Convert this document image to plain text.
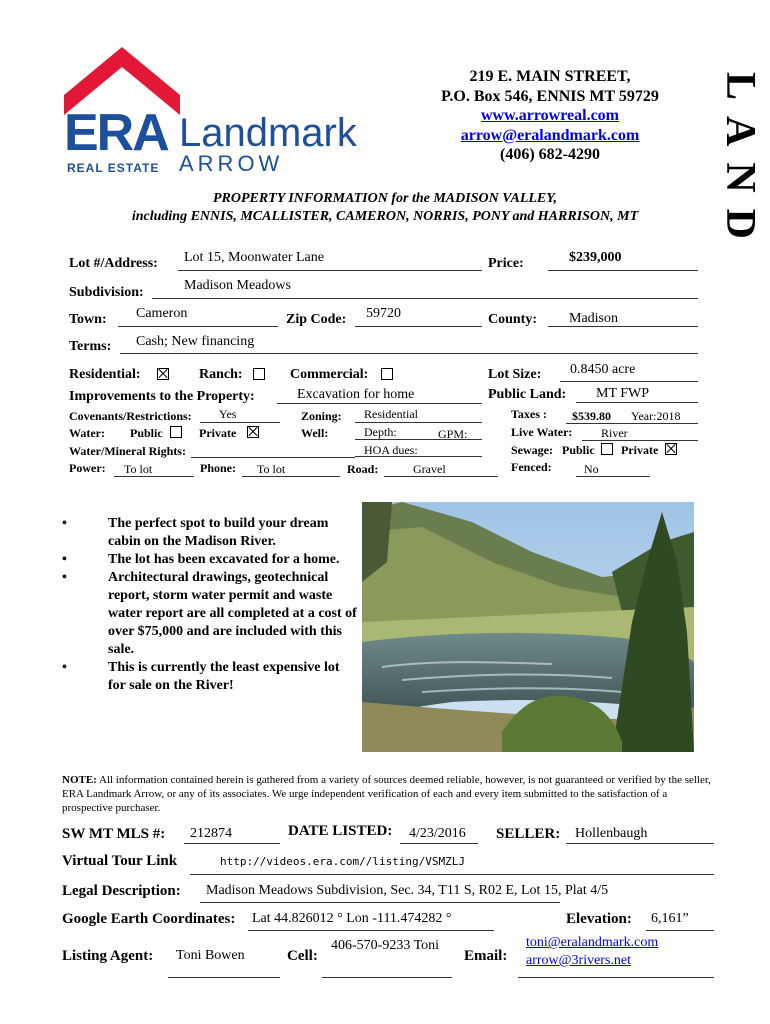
ERA Landmark
REAL ESTATE ARROW	LAND
219 E. MAIN STREET,
P.O. Box 546, ENNIS MT 59729
www.arrowreal.com
arrow@eralandmark.com
(406) 682-4290
PROPERTY INFORMATION for the MADISON VALLEY,
including ENNIS, MCALLISTER, CAMERON, NORRIS, PONY and HARRISON, MT
Lot #/Address: Lot 15, Moonwater Lane	Price:	$239,000
Subdivision:	Madison Meadows
Town: Cameron	Zip Code: 59720	County: Madison
Terms: Cash; New financing
Residential:	Ranch:	Commercial:	Lot Size: 0.8450 acre
Improvements to the Property:	Excavation for home	Public Land: MT FWP
Covenants/Restrictions: Yes	Zoning: Residential	Taxes : $539.80 Year:2018
Water: Public	Private	Well:	Depth:	GPM:	Live Water: River
Water/Mineral Rights:	HOA dues:	Sewage: Public Private
Power: To lot	Phone: To lot	Road:	Gravel	Fenced:	No
• The perfect spot to build your dream cabin on the Madison River.
• The lot has been excavated for a home.
• Architectural drawings, geotechnical report, storm water permit and waste water report are all completed at a cost of over $75,000 and are included with this sale.
• This is currently the least expensive lot for sale on the River!
NOTE: All information contained herein is gathered from a variety of sources deemed reliable, however, is not guaranteed or verified by the seller, ERA Landmark Arrow, or any of its associates. We urge independent verification of each and every item submitted to the satisfaction of a prospective purchaser.
SW MT MLS #: 212874	DATE LISTED: 4/23/2016 SELLER: Hollenbaugh
Virtual Tour Link	http://videos.era.com//listing/VSMZLJ
Legal Description: Madison Meadows Subdivision, Sec. 34, T11 S, R02 E, Lot 15, Plat 4/5
Google Earth Coordinates: Lat 44.826012 ° Lon -111.474282 °	Elevation: 6,161”
Listing Agent: Toni Bowen	Cell:
406-570-9233 Toni
Email:
toni@eralandmark.com
arrow@3rivers.net
